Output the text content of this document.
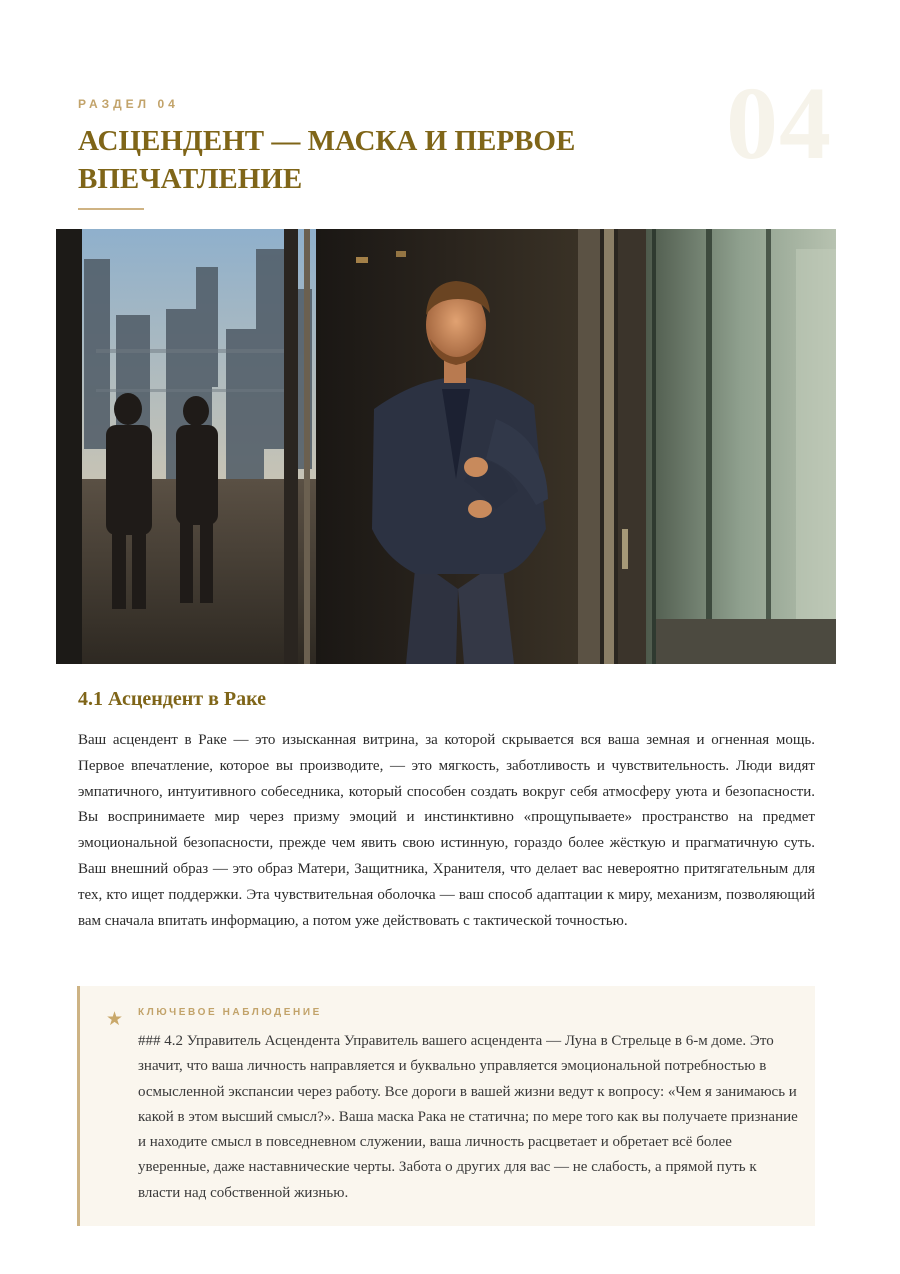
04
РАЗДЕЛ 04
АСЦЕНДЕНТ — МАСКА И ПЕРВОЕ ВПЕЧАТЛЕНИЕ
4.1 Асцендент в Раке

Ваш асцендент в Раке — это изысканная витрина, за которой скрывается вся ваша земная и огненная мощь. Первое впечатление, которое вы производите, — это мягкость, заботливость и чувствительность. Люди видят эмпатичного, интуитивного собеседника, который способен создать вокруг себя атмосферу уюта и безопасности. Вы воспринимаете мир через призму эмоций и инстинктивно «прощупываете» пространство на предмет эмоциональной безопасности, прежде чем явить свою истинную, гораздо более жёсткую и прагматичную суть. Ваш внешний образ — это образ Матери, Защитника, Хранителя, что делает вас невероятно притягательным для тех, кто ищет поддержки. Эта чувствительная оболочка — ваш способ адаптации к миру, механизм, позволяющий вам сначала впитать информацию, а потом уже действовать с тактической точностью.

★ КЛЮЧЕВОЕ НАБЛЮДЕНИЕ

### 4.2 Управитель Асцендента Управитель вашего асцендента — Луна в Стрельце в 6-м доме. Это значит, что ваша личность направляется и буквально управляется эмоциональной потребностью в осмысленной экспансии через работу. Все дороги в вашей жизни ведут к вопросу: «Чем я занимаюсь и какой в этом высший смысл?». Ваша маска Рака не статична; по мере того как вы получаете признание и находите смысл в повседневном служении, ваша личность расцветает и обретает всё более уверенные, даже наставнические черты. Забота о других для вас — не слабость, а прямой путь к власти над собственной жизнью.
